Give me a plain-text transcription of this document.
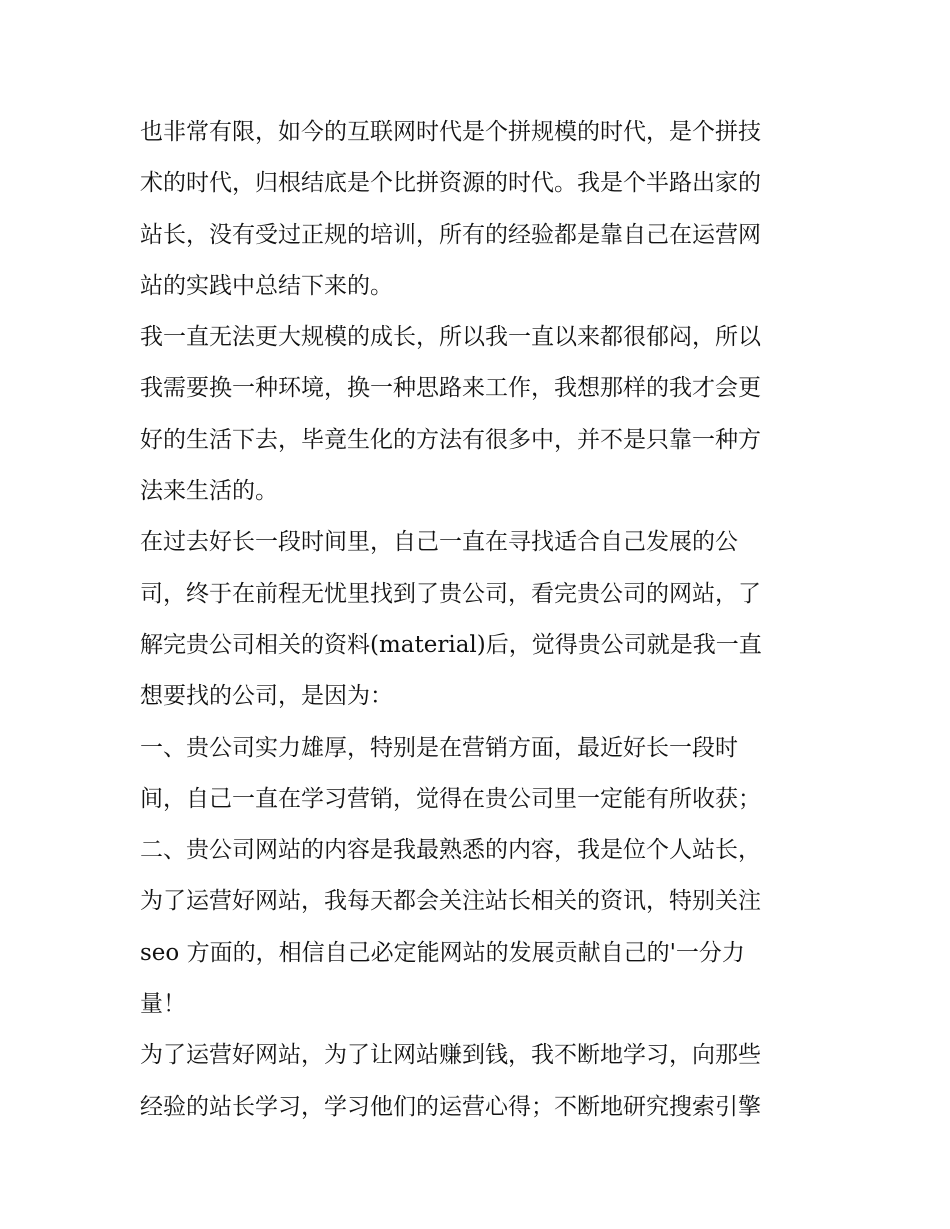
也非常有限，如今的互联网时代是个拼规模的时代，是个拼技
术的时代，归根结底是个比拼资源的时代。我是个半路出家的
站长，没有受过正规的培训，所有的经验都是靠自己在运营网
站的实践中总结下来的。
我一直无法更大规模的成长，所以我一直以来都很郁闷，所以
我需要换一种环境，换一种思路来工作，我想那样的我才会更
好的生活下去，毕竟生化的方法有很多中，并不是只靠一种方
法来生活的。
在过去好长一段时间里，自己一直在寻找适合自己发展的公
司，终于在前程无忧里找到了贵公司，看完贵公司的网站，了
解完贵公司相关的资料(material)后，觉得贵公司就是我一直
想要找的公司，是因为：
一、贵公司实力雄厚，特别是在营销方面，最近好长一段时
间，自己一直在学习营销，觉得在贵公司里一定能有所收获；
二、贵公司网站的内容是我最熟悉的内容，我是位个人站长，
为了运营好网站，我每天都会关注站长相关的资讯，特别关注
seo 方面的，相信自己必定能网站的发展贡献自己的'一分力
量！
为了运营好网站，为了让网站赚到钱，我不断地学习，向那些
经验的站长学习，学习他们的运营心得；不断地研究搜索引擎
